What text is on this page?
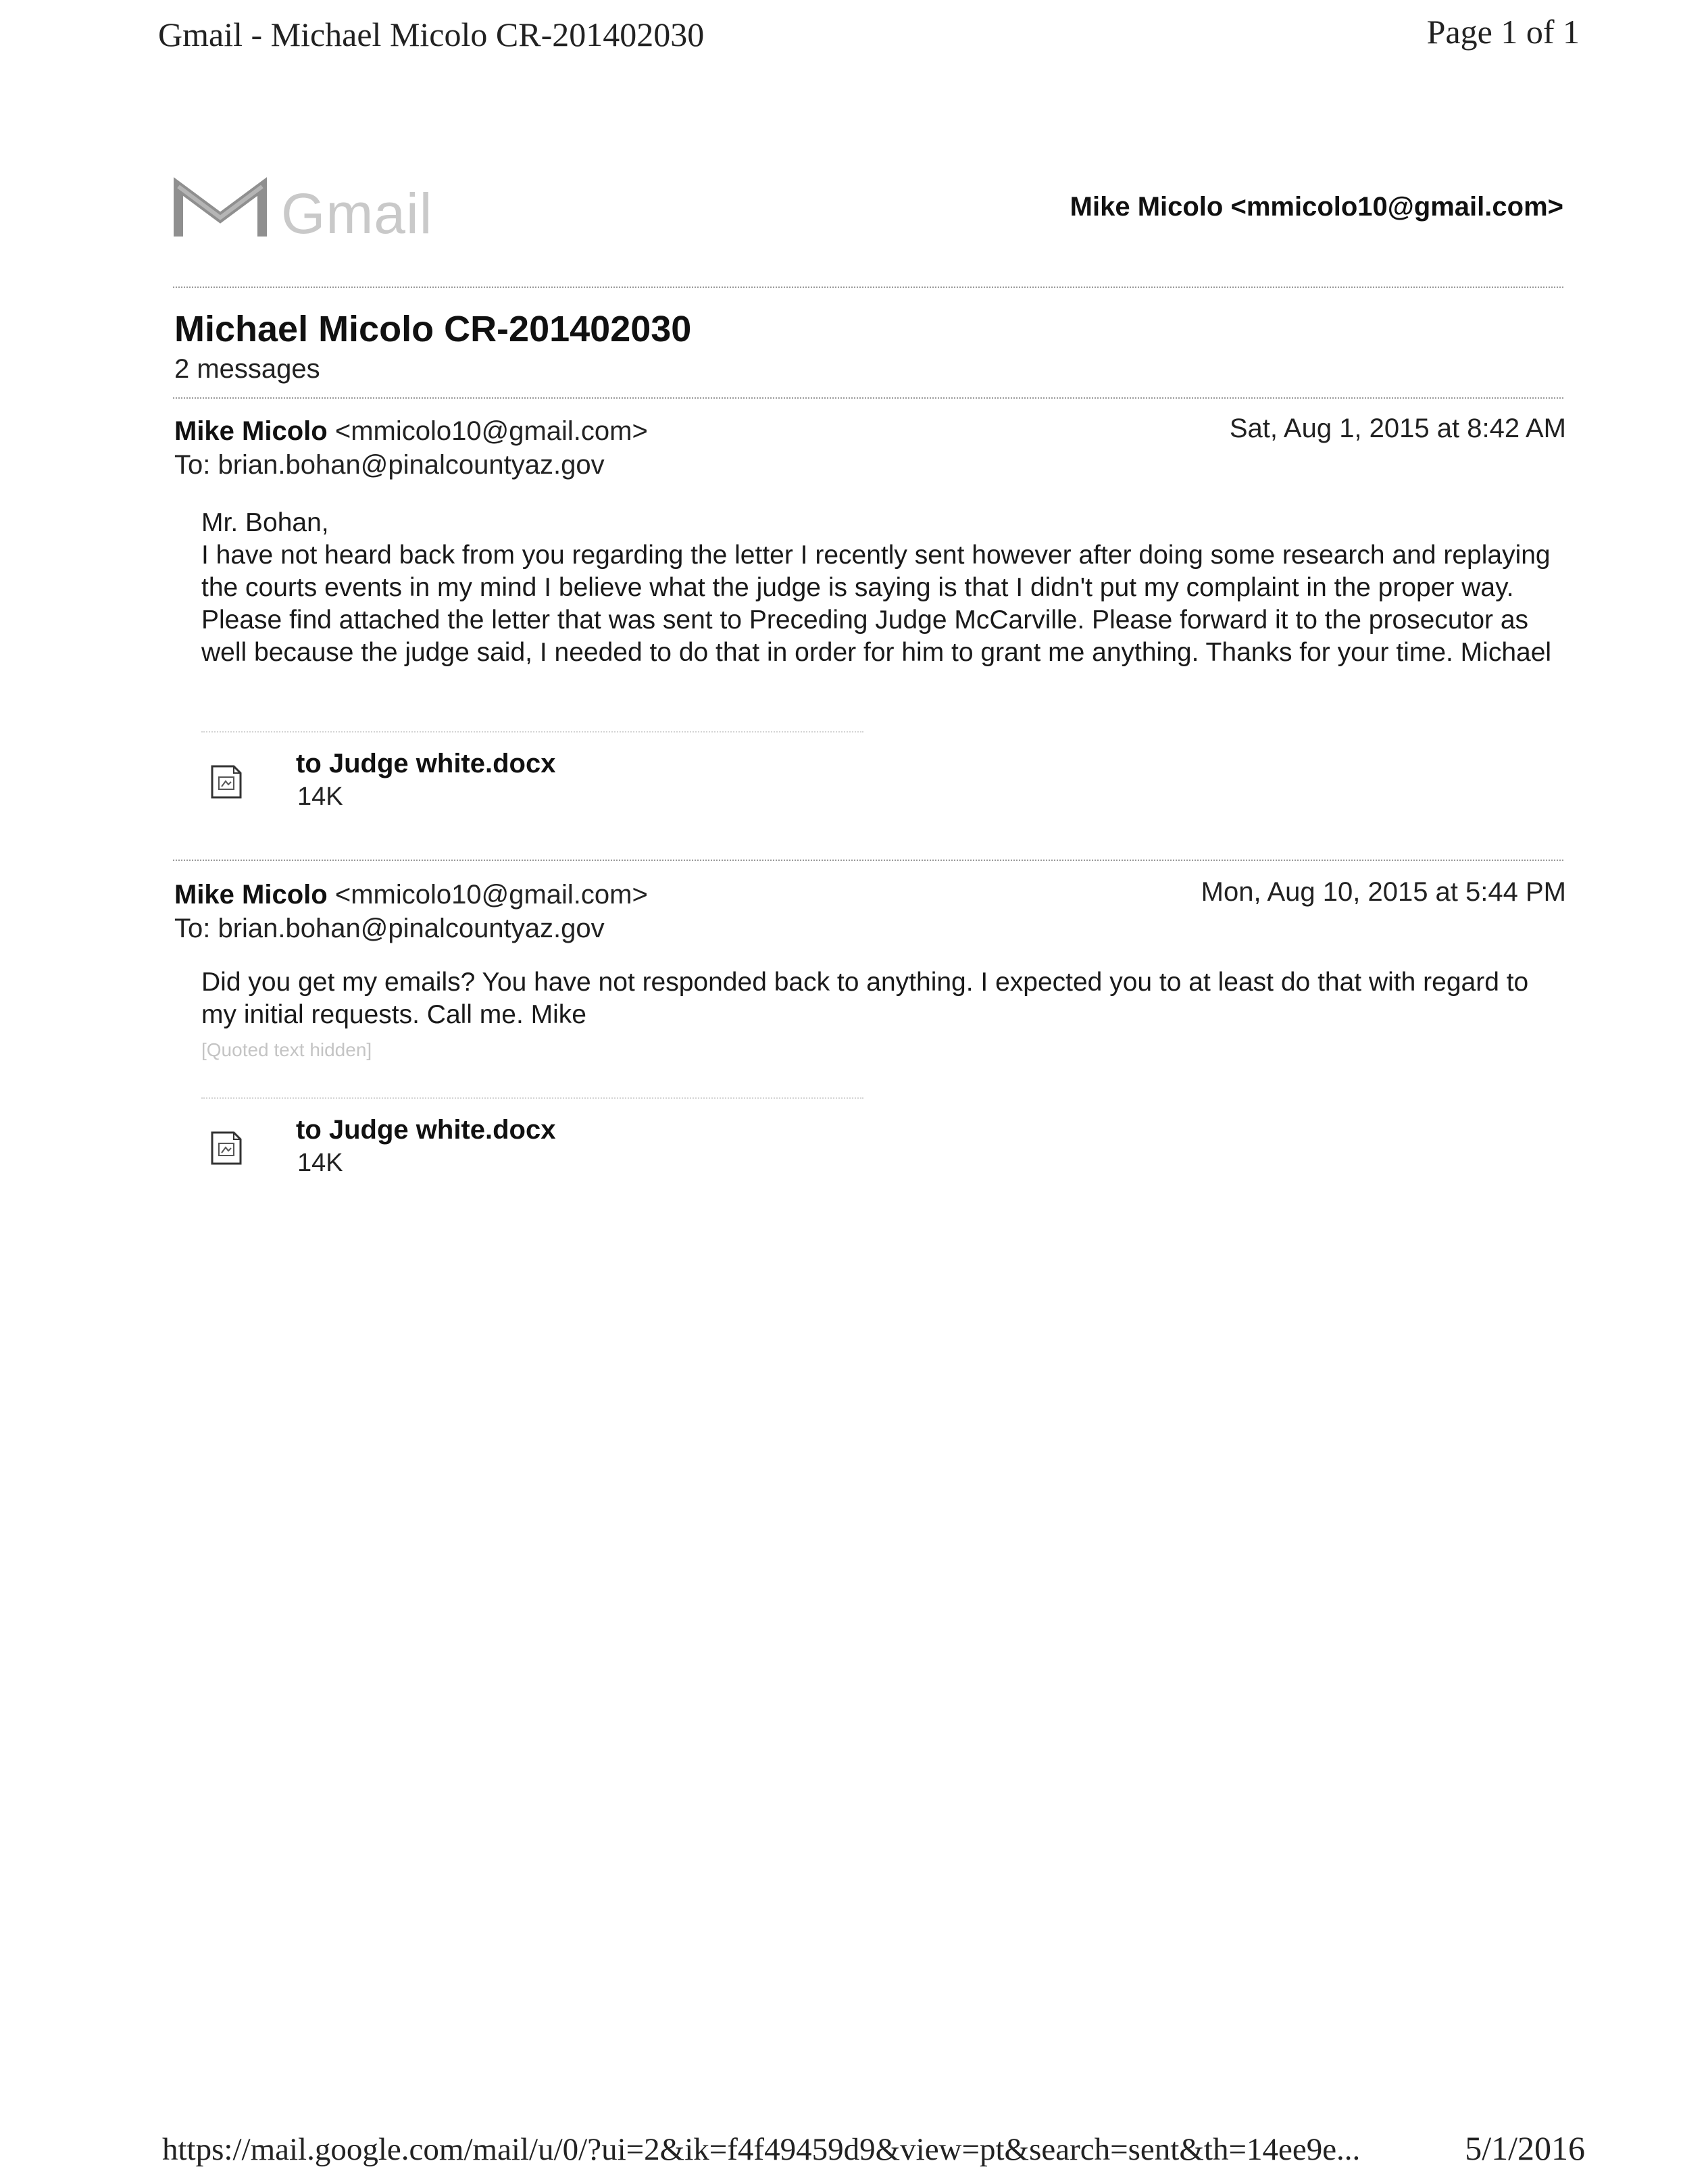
Gmail - Michael Micolo CR-201402030	Page 1 of 1
Gmail	Mike Micolo <mmicolo10@gmail.com>
Michael Micolo CR-201402030
2 messages
Mike Micolo <mmicolo10@gmail.com>	Sat, Aug 1, 2015 at 8:42 AM
To: brian.bohan@pinalcountyaz.gov

Mr. Bohan,

I have not heard back from you regarding the letter I recently sent however after doing some research and replaying the courts events in my mind I believe what the judge is saying is that I didn't put my complaint in the proper way. Please find attached the letter that was sent to Preceding Judge McCarville. Please forward it to the prosecutor as well because the judge said, I needed to do that in order for him to grant me anything. Thanks for your time. Michael

to Judge white.docx
14K
Mike Micolo <mmicolo10@gmail.com>	Mon, Aug 10, 2015 at 5:44 PM
To: brian.bohan@pinalcountyaz.gov

Did you get my emails? You have not responded back to anything. I expected you to at least do that with regard to my initial requests. Call me. Mike

[Quoted text hidden]
to Judge white.docx
14K
https://mail.google.com/mail/u/0/?ui=2&ik=f4f49459d9&view=pt&search=sent&th=14ee9e...	5/1/2016
